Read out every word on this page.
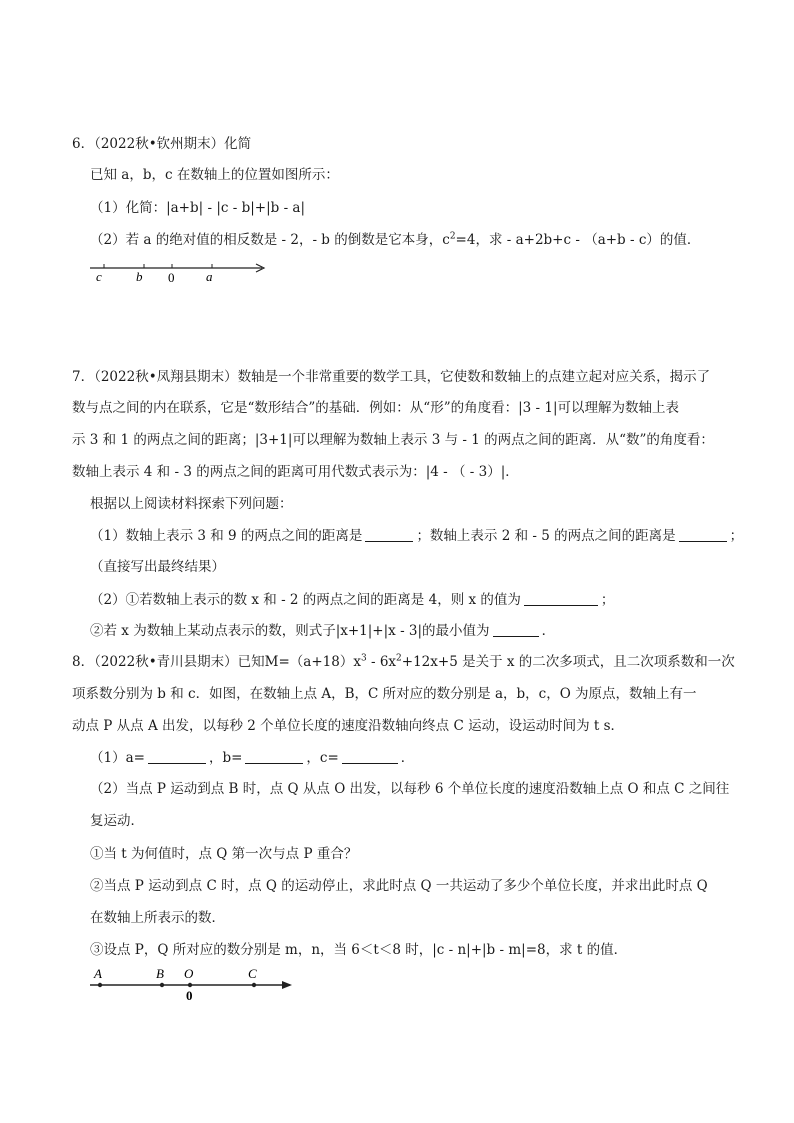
6．（2022秋•钦州期末）化简
已知 a，b，c 在数轴上的位置如图所示：
（1）化简：|a+b| - |c - b|+|b - a|
（2）若 a 的绝对值的相反数是 - 2，- b 的倒数是它本身，$c^2=4$，求 - a+2b+c - （a+b - c）的值．
c	b 0 a
7．（2022秋•凤翔县期末）数轴是一个非常重要的数学工具，它使数和数轴上的点建立起对应关系，揭示了
数与点之间的内在联系，它是“数形结合”的基础．例如：从“形”的角度看：|3 - 1|可以理解为数轴上表
示 3 和 1 的两点之间的距离；|3+1|可以理解为数轴上表示 3 与 - 1 的两点之间的距离．从“数”的角度看：
数轴上表示 4 和 - 3 的两点之间的距离可用代数式表示为：|4 - （ - 3）|．
根据以上阅读材料探索下列问题：
（1）数轴上表示 3 和 9 的两点之间的距离是	；数轴上表示 2 和 - 5 的两点之间的距离是	；
（直接写出最终结果）
（2）①若数轴上表示的数 x 和 - 2 的两点之间的距离是 4，则 x 的值为	；
②若 x 为数轴上某动点表示的数，则式子|x+1|+|x - 3|的最小值为	．
8．（2022秋•青川县期末）已知$M=(a+18)x^3 - 6x^2+12x+5$ 是关于 x 的二次多项式，且二次项系数和一次
项系数分别为 b 和 c．如图，在数轴上点 A，B，C 所对应的数分别是 a，b，c，O 为原点，数轴上有一
动点 P 从点 A 出发，以每秒 2 个单位长度的速度沿数轴向终点 C 运动，设运动时间为 t s．
（1）a=	，b=	，c=	．
（2）当点 P 运动到点 B 时，点 Q 从点 O 出发，以每秒 6 个单位长度的速度沿数轴上点 O 和点 C 之间往
复运动．
①当 t 为何值时，点 Q 第一次与点 P 重合？
②当点 P 运动到点 C 时，点 Q 的运动停止，求此时点 Q 一共运动了多少个单位长度，并求出此时点 Q
在数轴上所表示的数．
③设点 P，Q 所对应的数分别是 m，n，当 6＜t＜8 时，|c - n|+|b - m|=8，求 t 的值．
A	B O	C
0
